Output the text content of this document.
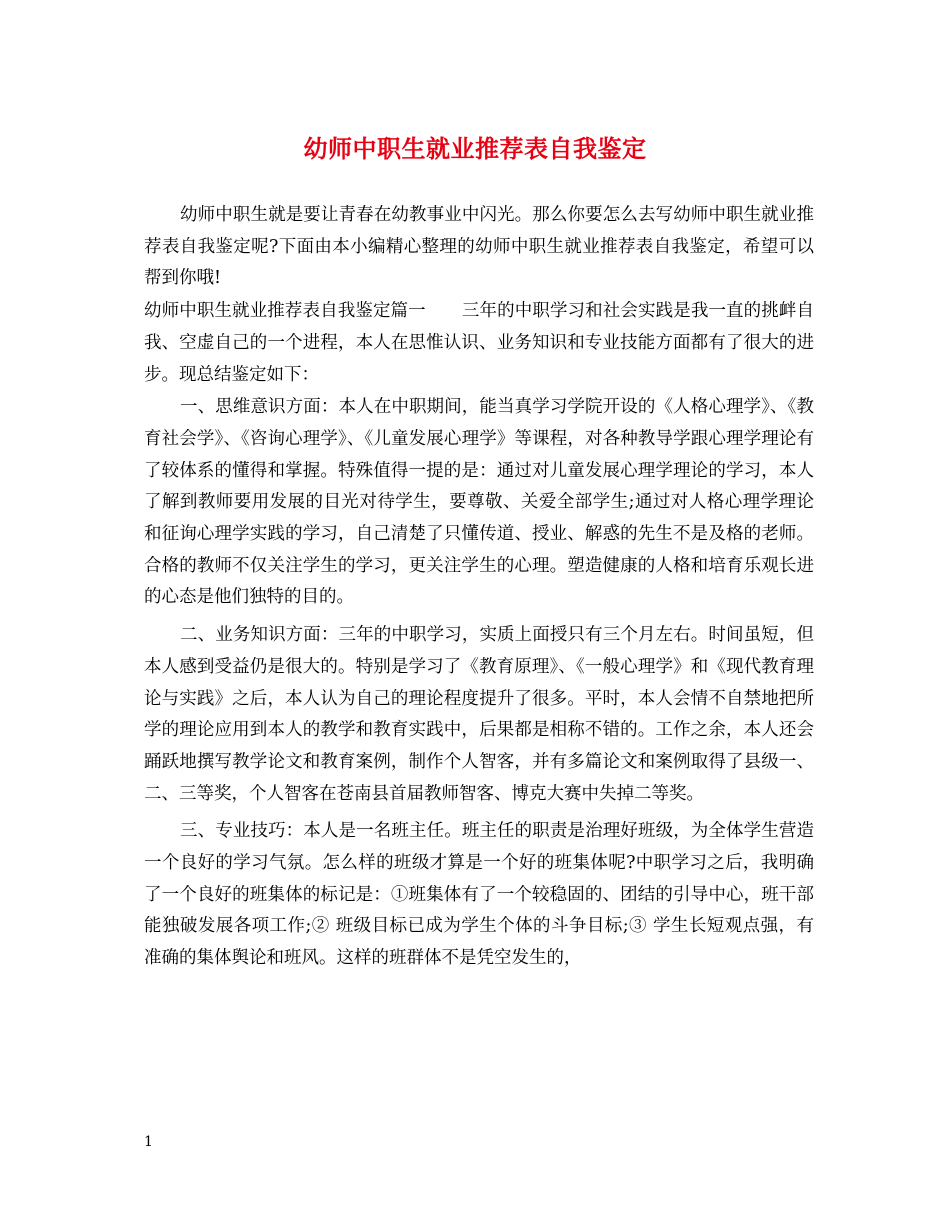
幼师中职生就业推荐表自我鉴定

幼师中职生就是要让青春在幼教事业中闪光。那么你要怎么去写幼师中职生就业推荐表自我鉴定呢?下面由本小编精心整理的幼师中职生就业推荐表自我鉴定，希望可以帮到你哦!

幼师中职生就业推荐表自我鉴定篇一 三年的中职学习和社会实践是我一直的挑衅自我、空虚自己的一个进程，本人在思惟认识、业务知识和专业技能方面都有了很大的进步。现总结鉴定如下：

一、思维意识方面：本人在中职期间，能当真学习学院开设的《人格心理学》、《教育社会学》、《咨询心理学》、《儿童发展心理学》等课程，对各种教导学跟心理学理论有了较体系的懂得和掌握。特殊值得一提的是：通过对儿童发展心理学理论的学习，本人了解到教师要用发展的目光对待学生，要尊敬、关爱全部学生;通过对人格心理学理论和征询心理学实践的学习，自己清楚了只懂传道、授业、解惑的先生不是及格的老师。合格的教师不仅关注学生的学习，更关注学生的心理。塑造健康的人格和培育乐观长进的心态是他们独特的目的。

二、业务知识方面：三年的中职学习，实质上面授只有三个月左右。时间虽短，但本人感到受益仍是很大的。特别是学习了《教育原理》、《一般心理学》和《现代教育理论与实践》之后，本人认为自己的理论程度提升了很多。平时，本人会情不自禁地把所学的理论应用到本人的教学和教育实践中，后果都是相称不错的。工作之余，本人还会踊跃地撰写教学论文和教育案例，制作个人智客，并有多篇论文和案例取得了县级一、二、三等奖，个人智客在苍南县首届教师智客、博克大赛中失掉二等奖。

三、专业技巧：本人是一名班主任。班主任的职责是治理好班级，为全体学生营造一个良好的学习气氛。怎么样的班级才算是一个好的班集体呢?中职学习之后，我明确了一个良好的班集体的标记是：①班集体有了一个较稳固的、团结的引导中心，班干部能独破发展各项工作;② 班级目标已成为学生个体的斗争目标;③ 学生长短观点强，有准确的集体舆论和班风。这样的班群体不是凭空发生的，

1
